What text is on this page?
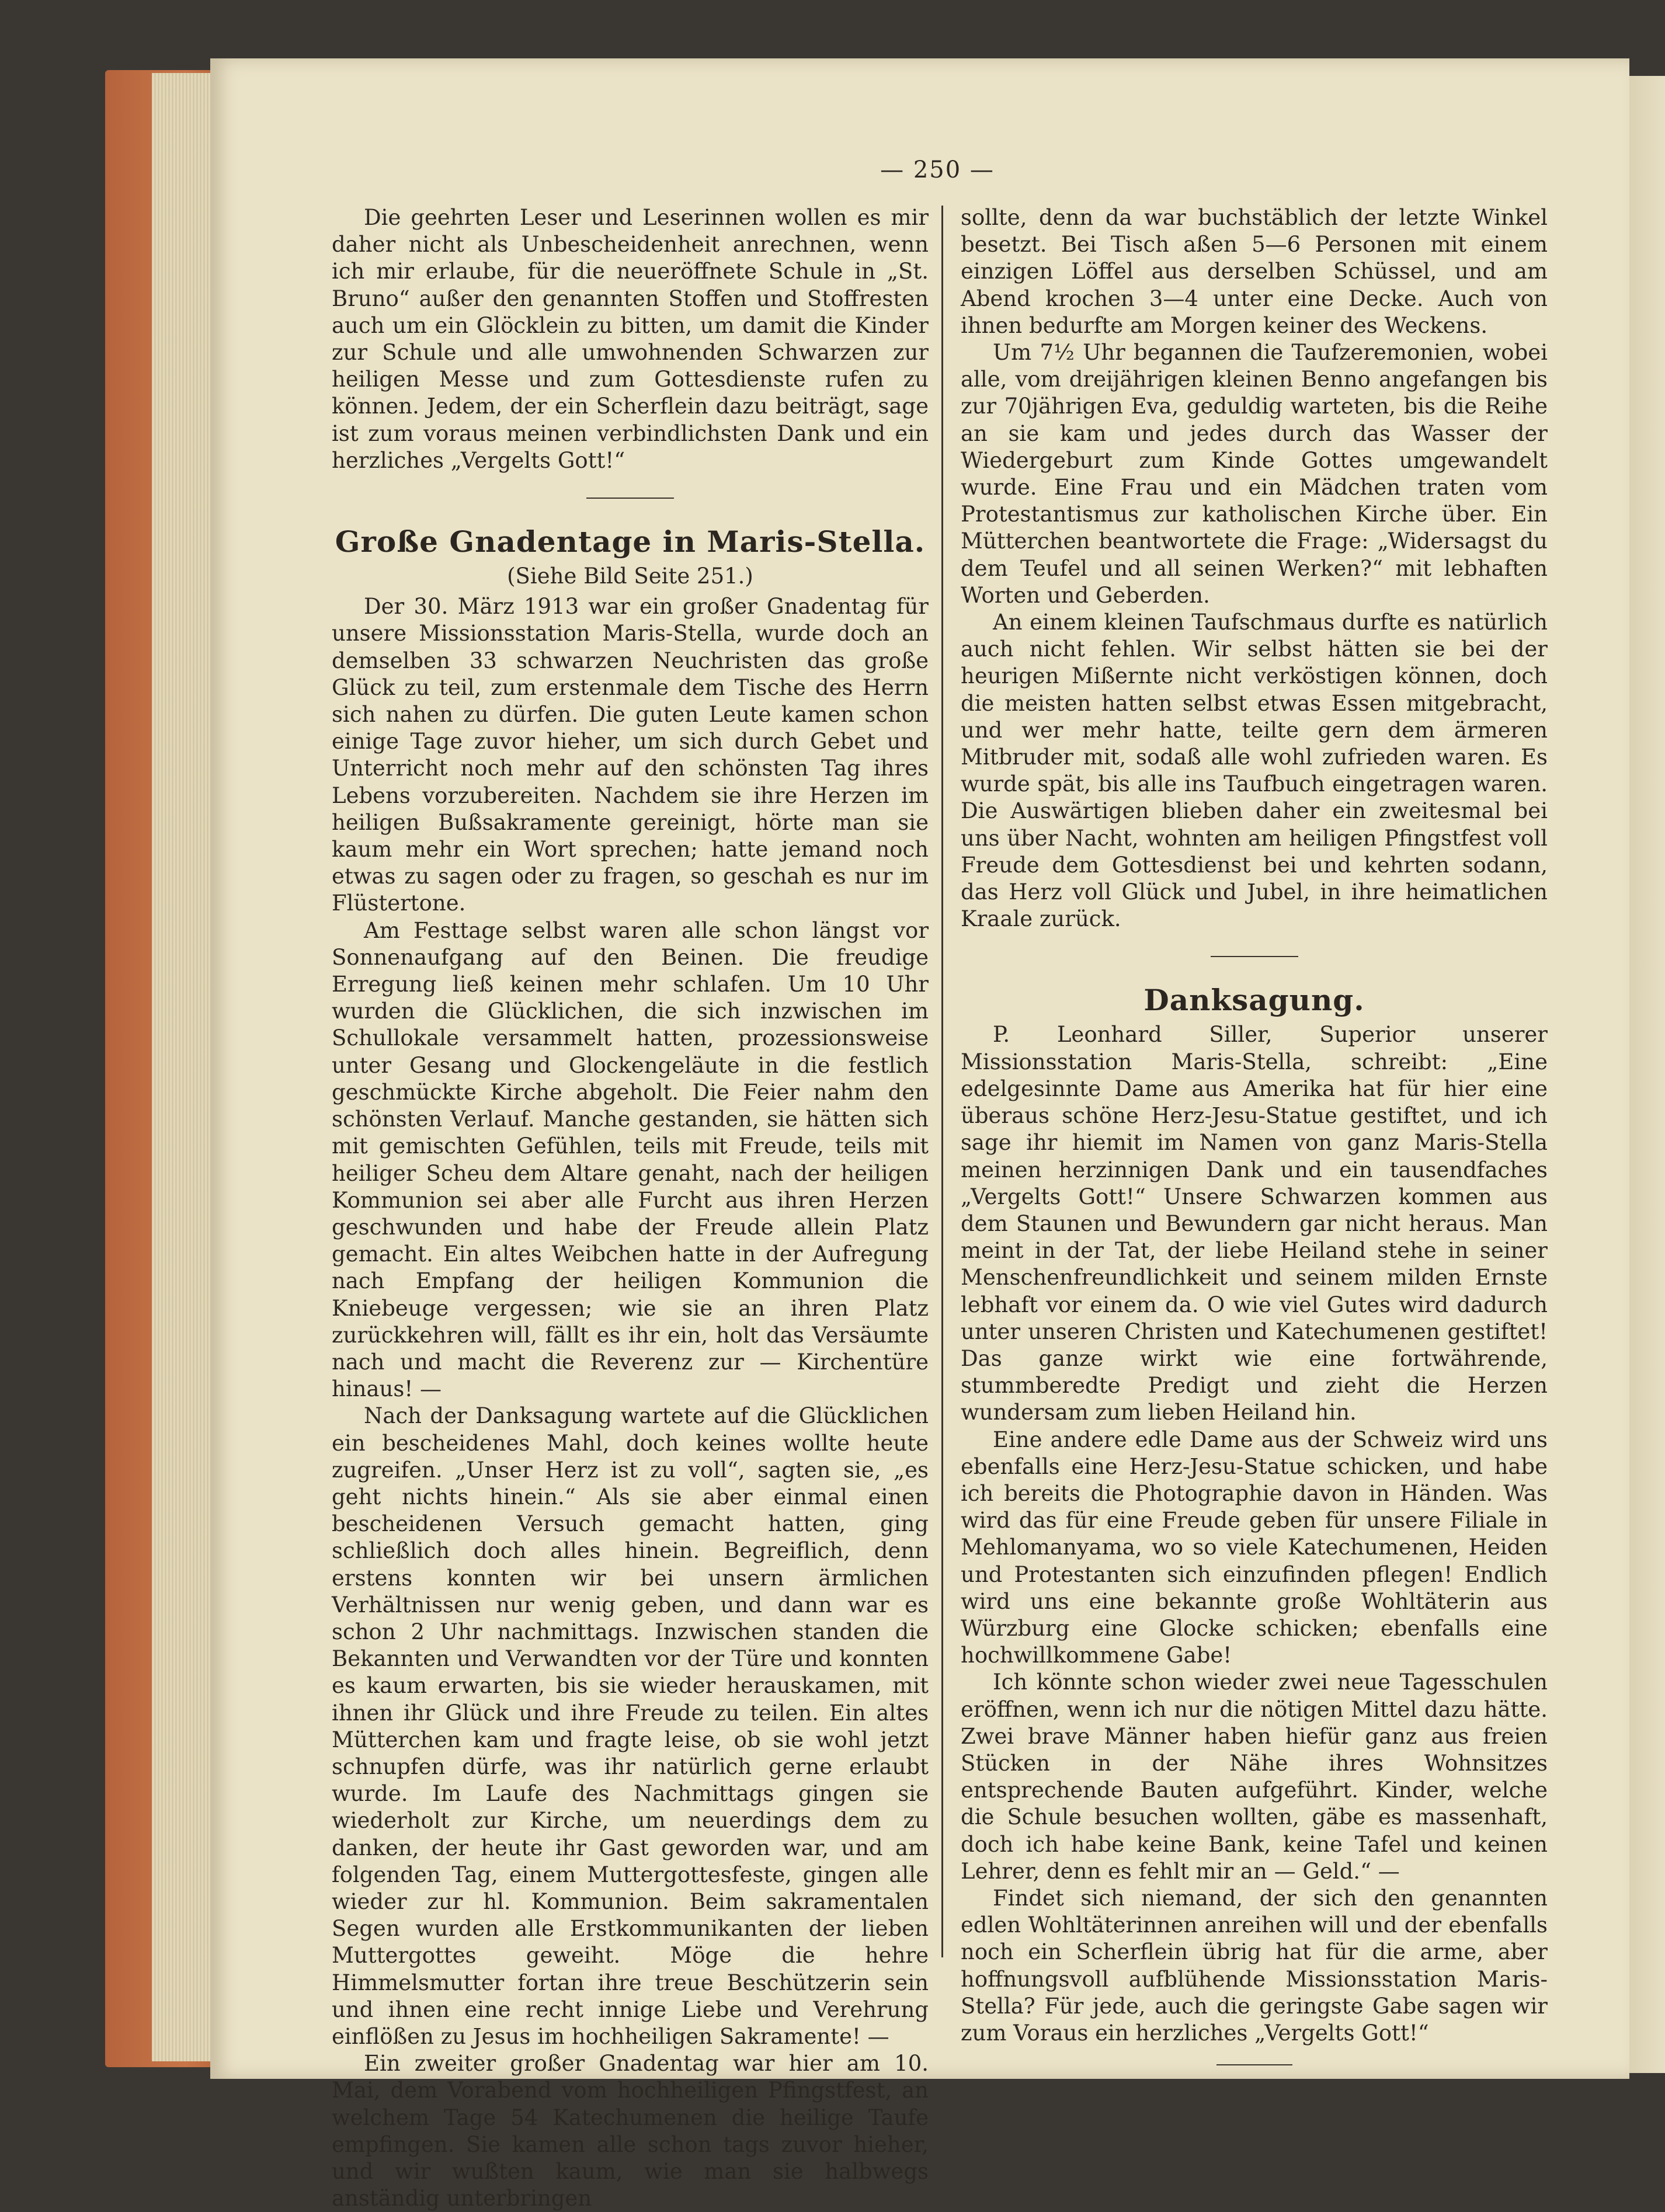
— 250 —

Die geehrten Leser und Leserinnen wollen es mir daher nicht als Unbescheidenheit anrechnen, wenn ich mir erlaube, für die neueröffnete Schule in „St. Bruno“ außer den genannten Stoffen und Stoffresten auch um ein Glöcklein zu bitten, um damit die Kinder zur Schule und alle umwohnenden Schwarzen zur heiligen Messe und zum Gottesdienste rufen zu können. Jedem, der ein Scherflein dazu beiträgt, sage ist zum voraus meinen verbindlichsten Dank und ein herzliches „Vergelts Gott!“

Große Gnadentage in Maris-Stella.
(Siehe Bild Seite 251.)

Der 30. März 1913 war ein großer Gnadentag für unsere Missionsstation Maris-Stella, wurde doch an demselben 33 schwarzen Neuchristen das große Glück zu teil, zum erstenmale dem Tische des Herrn sich nahen zu dürfen. Die guten Leute kamen schon einige Tage zuvor hieher, um sich durch Gebet und Unterricht noch mehr auf den schönsten Tag ihres Lebens vorzubereiten. Nachdem sie ihre Herzen im heiligen Bußsakramente gereinigt, hörte man sie kaum mehr ein Wort sprechen; hatte jemand noch etwas zu sagen oder zu fragen, so geschah es nur im Flüstertone.

Am Festtage selbst waren alle schon längst vor Sonnenaufgang auf den Beinen. Die freudige Erregung ließ keinen mehr schlafen. Um 10 Uhr wurden die Glücklichen, die sich inzwischen im Schullokale versammelt hatten, prozessionsweise unter Gesang und Glockengeläute in die festlich geschmückte Kirche abgeholt. Die Feier nahm den schönsten Verlauf. Manche gestanden, sie hätten sich mit gemischten Gefühlen, teils mit Freude, teils mit heiliger Scheu dem Altare genaht, nach der heiligen Kommunion sei aber alle Furcht aus ihren Herzen geschwunden und habe der Freude allein Platz gemacht. Ein altes Weibchen hatte in der Aufregung nach Empfang der heiligen Kommunion die Kniebeuge vergessen; wie sie an ihren Platz zurückkehren will, fällt es ihr ein, holt das Versäumte nach und macht die Reverenz zur — Kirchentüre hinaus! —

Nach der Danksagung wartete auf die Glücklichen ein bescheidenes Mahl, doch keines wollte heute zugreifen. „Unser Herz ist zu voll“, sagten sie, „es geht nichts hinein.“ Als sie aber einmal einen bescheidenen Versuch gemacht hatten, ging schließlich doch alles hinein. Begreiflich, denn erstens konnten wir bei unsern ärmlichen Verhältnissen nur wenig geben, und dann war es schon 2 Uhr nachmittags. Inzwischen standen die Bekannten und Verwandten vor der Türe und konnten es kaum erwarten, bis sie wieder herauskamen, mit ihnen ihr Glück und ihre Freude zu teilen. Ein altes Mütterchen kam und fragte leise, ob sie wohl jetzt schnupfen dürfe, was ihr natürlich gerne erlaubt wurde. Im Laufe des Nachmittags gingen sie wiederholt zur Kirche, um neuerdings dem zu danken, der heute ihr Gast geworden war, und am folgenden Tag, einem Muttergottesfeste, gingen alle wieder zur hl. Kommunion. Beim sakramentalen Segen wurden alle Erstkommunikanten der lieben Muttergottes geweiht. Möge die hehre Himmelsmutter fortan ihre treue Beschützerin sein und ihnen eine recht innige Liebe und Verehrung einflößen zu Jesus im hochheiligen Sakramente! —

Ein zweiter großer Gnadentag war hier am 10. Mai, dem Vorabend vom hochheiligen Pfingstfest, an welchem Tage 54 Katechumenen die heilige Taufe empfingen. Sie kamen alle schon tags zuvor hieher, und wir wußten kaum, wie man sie halbwegs anständig unterbringen

sollte, denn da war buchstäblich der letzte Winkel besetzt. Bei Tisch aßen 5—6 Personen mit einem einzigen Löffel aus derselben Schüssel, und am Abend krochen 3—4 unter eine Decke. Auch von ihnen bedurfte am Morgen keiner des Weckens.

Um 7½ Uhr begannen die Taufzeremonien, wobei alle, vom dreijährigen kleinen Benno angefangen bis zur 70jährigen Eva, geduldig warteten, bis die Reihe an sie kam und jedes durch das Wasser der Wiedergeburt zum Kinde Gottes umgewandelt wurde. Eine Frau und ein Mädchen traten vom Protestantismus zur katholischen Kirche über. Ein Mütterchen beantwortete die Frage: „Widersagst du dem Teufel und all seinen Werken?“ mit lebhaften Worten und Geberden.

An einem kleinen Taufschmaus durfte es natürlich auch nicht fehlen. Wir selbst hätten sie bei der heurigen Mißernte nicht verköstigen können, doch die meisten hatten selbst etwas Essen mitgebracht, und wer mehr hatte, teilte gern dem ärmeren Mitbruder mit, sodaß alle wohl zufrieden waren. Es wurde spät, bis alle ins Taufbuch eingetragen waren. Die Auswärtigen blieben daher ein zweitesmal bei uns über Nacht, wohnten am heiligen Pfingstfest voll Freude dem Gottesdienst bei und kehrten sodann, das Herz voll Glück und Jubel, in ihre heimatlichen Kraale zurück.

Danksagung.

P. Leonhard Siller, Superior unserer Missionsstation Maris-Stella, schreibt: „Eine edelgesinnte Dame aus Amerika hat für hier eine überaus schöne Herz-Jesu-Statue gestiftet, und ich sage ihr hiemit im Namen von ganz Maris-Stella meinen herzinnigen Dank und ein tausendfaches „Vergelts Gott!“ Unsere Schwarzen kommen aus dem Staunen und Bewundern gar nicht heraus. Man meint in der Tat, der liebe Heiland stehe in seiner Menschenfreundlichkeit und seinem milden Ernste lebhaft vor einem da. O wie viel Gutes wird dadurch unter unseren Christen und Katechumenen gestiftet! Das ganze wirkt wie eine fortwährende, stummberedte Predigt und zieht die Herzen wundersam zum lieben Heiland hin.

Eine andere edle Dame aus der Schweiz wird uns ebenfalls eine Herz-Jesu-Statue schicken, und habe ich bereits die Photographie davon in Händen. Was wird das für eine Freude geben für unsere Filiale in Mehlomanyama, wo so viele Katechumenen, Heiden und Protestanten sich einzufinden pflegen! Endlich wird uns eine bekannte große Wohltäterin aus Würzburg eine Glocke schicken; ebenfalls eine hochwillkommene Gabe!

Ich könnte schon wieder zwei neue Tagesschulen eröffnen, wenn ich nur die nötigen Mittel dazu hätte. Zwei brave Männer haben hiefür ganz aus freien Stücken in der Nähe ihres Wohnsitzes entsprechende Bauten aufgeführt. Kinder, welche die Schule besuchen wollten, gäbe es massenhaft, doch ich habe keine Bank, keine Tafel und keinen Lehrer, denn es fehlt mir an — Geld.“ —

Findet sich niemand, der sich den genannten edlen Wohltäterinnen anreihen will und der ebenfalls noch ein Scherflein übrig hat für die arme, aber hoffnungsvoll aufblühende Missionsstation Maris-Stella? Für jede, auch die geringste Gabe sagen wir zum Voraus ein herzliches „Vergelts Gott!“
